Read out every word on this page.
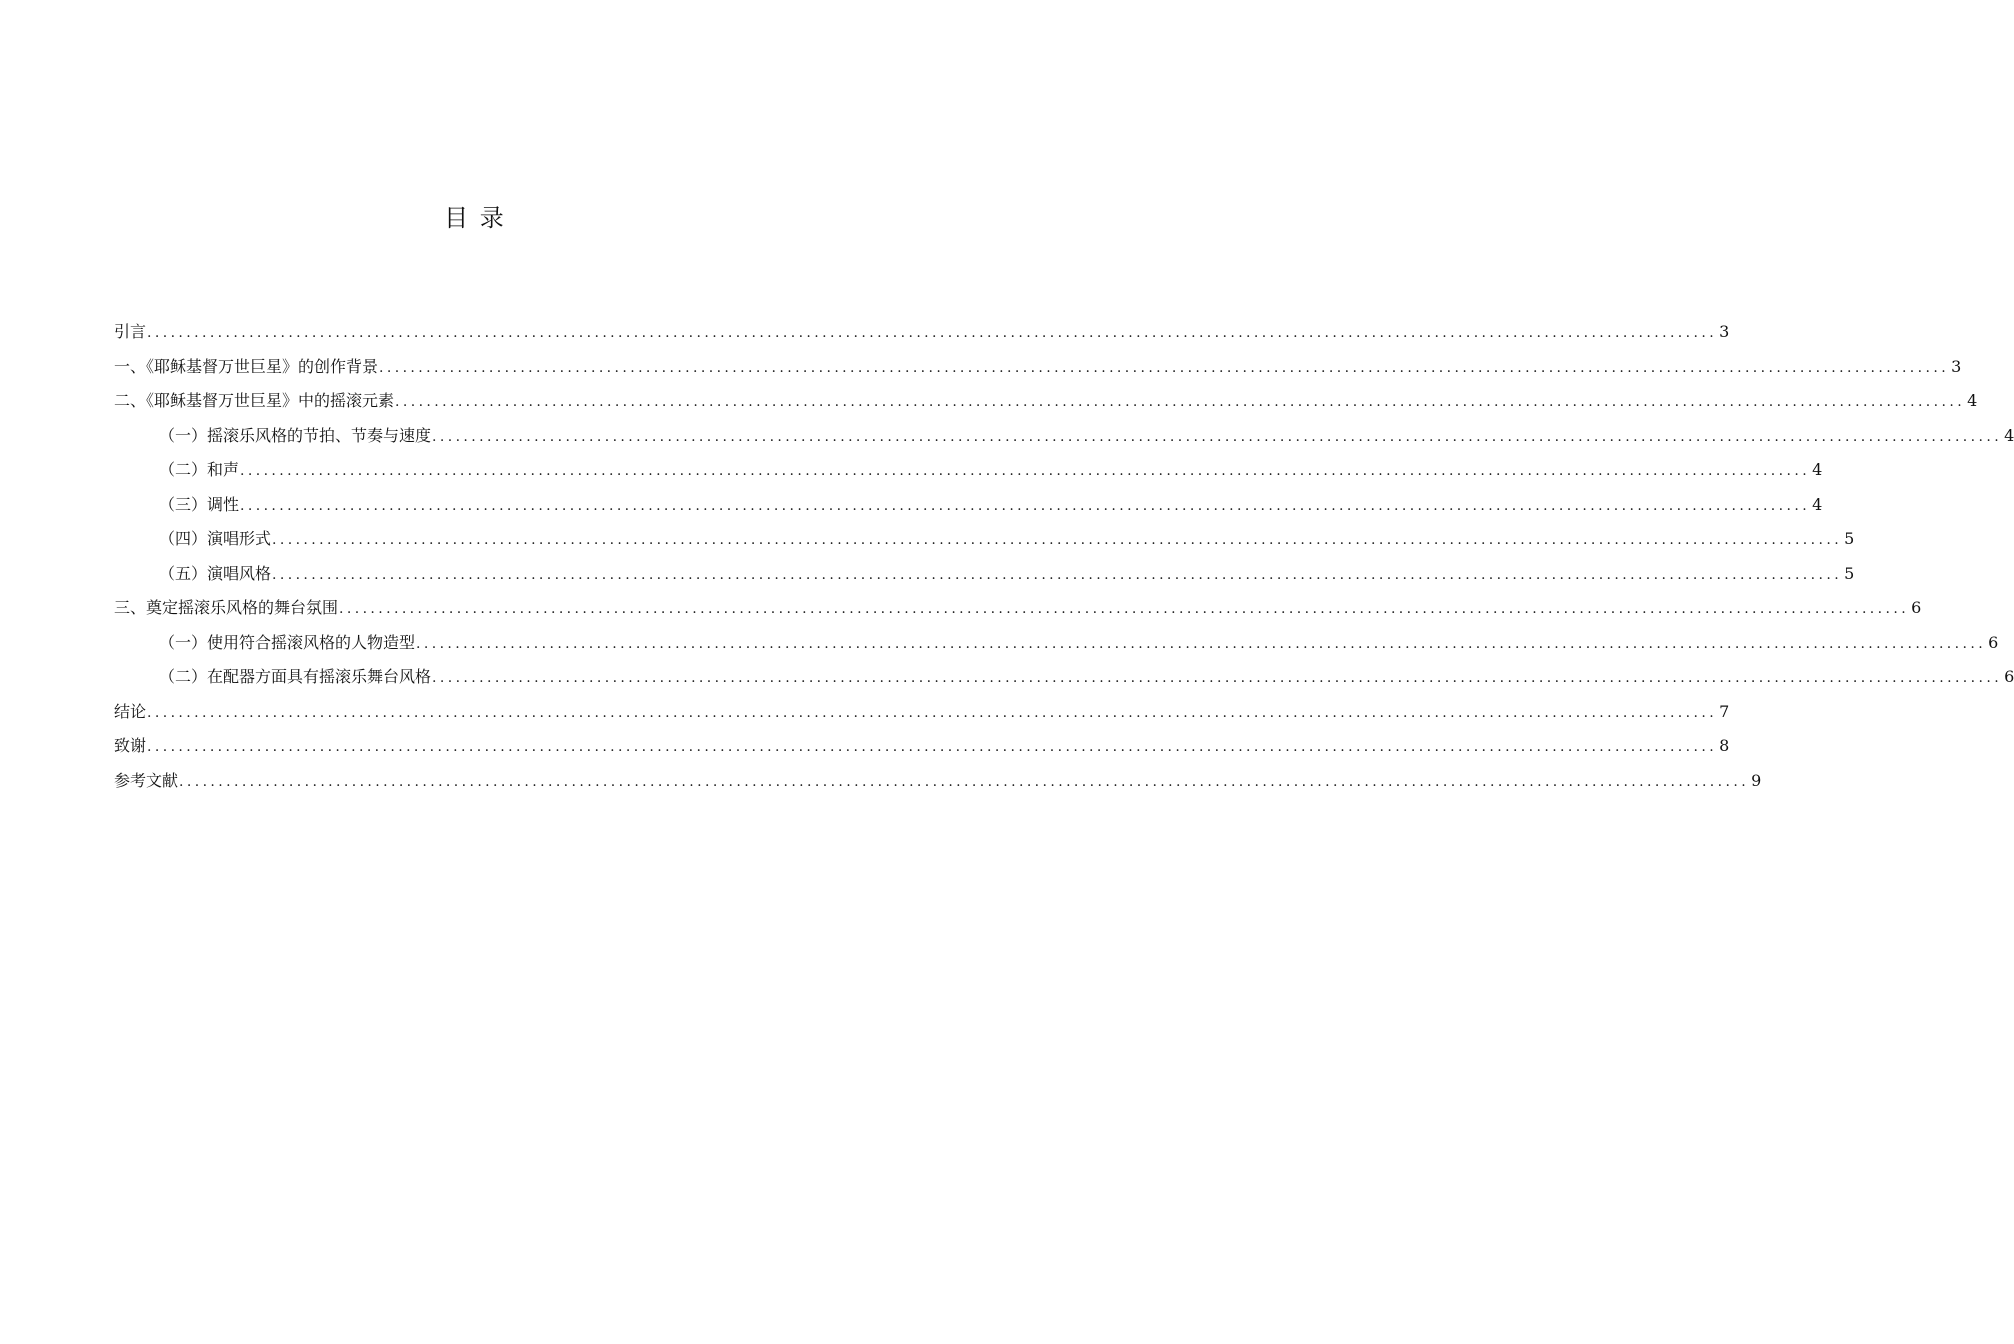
目 录
引言 ........................................................................................................................................................................................................ 3
一、《耶稣基督万世巨星》的创作背景 ........................................................................................................................................................................................................ 3
二、《耶稣基督万世巨星》中的摇滚元素 ........................................................................................................................................................................................................ 4
（一）摇滚乐风格的节拍、节奏与速度 ........................................................................................................................................................................................................ 4
（二）和声 ........................................................................................................................................................................................................ 4
（三）调性 ........................................................................................................................................................................................................ 4
（四）演唱形式 ........................................................................................................................................................................................................ 5
（五）演唱风格 ........................................................................................................................................................................................................ 5
三、奠定摇滚乐风格的舞台氛围 ........................................................................................................................................................................................................ 6
（一）使用符合摇滚风格的人物造型 ........................................................................................................................................................................................................ 6
（二）在配器方面具有摇滚乐舞台风格 ........................................................................................................................................................................................................ 6
结论 ........................................................................................................................................................................................................ 7
致谢 ........................................................................................................................................................................................................ 8
参考文献 ........................................................................................................................................................................................................ 9
